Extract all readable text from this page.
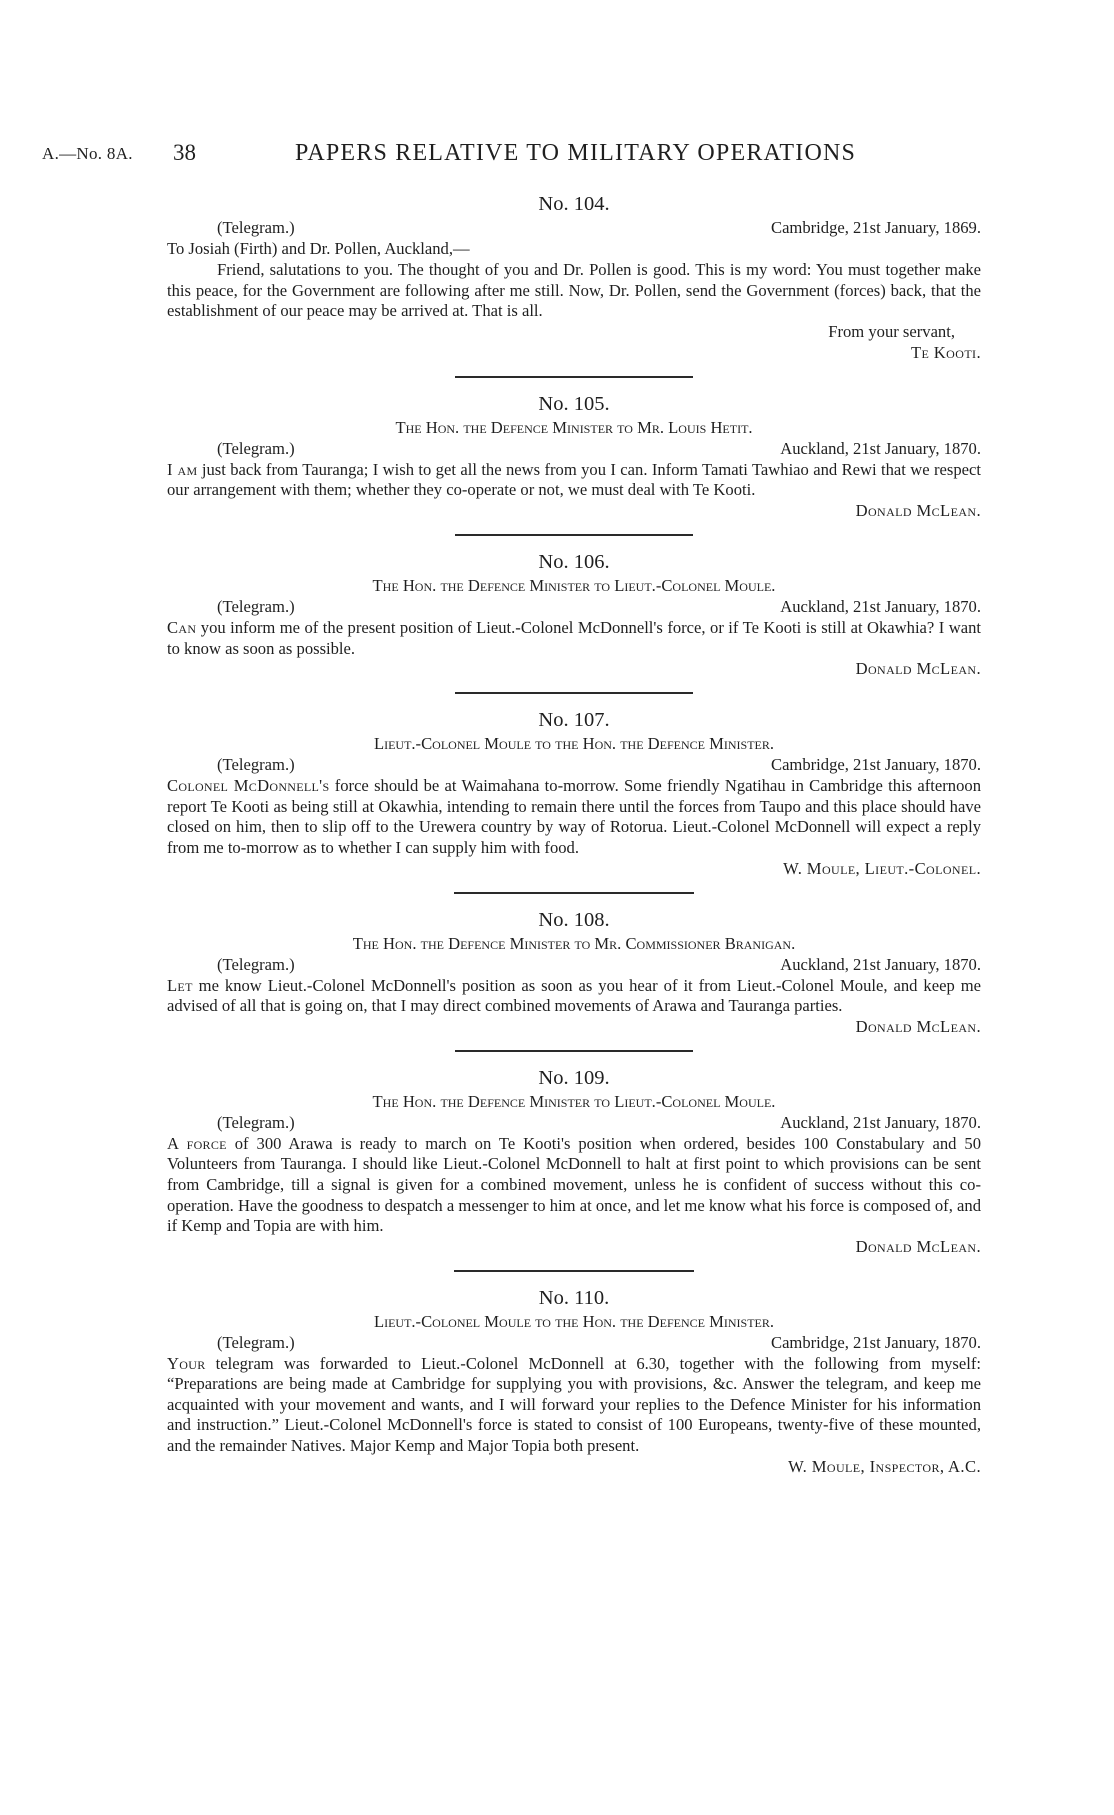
A.—No. 8A. 38	PAPERS RELATIVE TO MILITARY OPERATIONS
No. 104.
(Telegram.)	Cambridge, 21st January, 1869.
To Josiah (Firth) and Dr. Pollen, Auckland,—

Friend, salutations to you. The thought of you and Dr. Pollen is good. This is my word: You must together make this peace, for the Government are following after me still. Now, Dr. Pollen, send the Government (forces) back, that the establishment of our peace may be arrived at. That is all.

From your servant,
Te Kooti.
No. 105.
The Hon. the Defence Minister to Mr. Louis Hetit.
(Telegram.)	Auckland, 21st January, 1870.

I am just back from Tauranga; I wish to get all the news from you I can. Inform Tamati Tawhiao and Rewi that we respect our arrangement with them; whether they co-operate or not, we must deal with Te Kooti.

Donald McLean.
No. 106.
The Hon. the Defence Minister to Lieut.-Colonel Moule.
(Telegram.)	Auckland, 21st January, 1870.

Can you inform me of the present position of Lieut.-Colonel McDonnell's force, or if Te Kooti is still at Okawhia? I want to know as soon as possible.

Donald McLean.
No. 107.
Lieut.-Colonel Moule to the Hon. the Defence Minister.
(Telegram.)	Cambridge, 21st January, 1870.

Colonel McDonnell's force should be at Waimahana to-morrow. Some friendly Ngatihau in Cambridge this afternoon report Te Kooti as being still at Okawhia, intending to remain there until the forces from Taupo and this place should have closed on him, then to slip off to the Urewera country by way of Rotorua. Lieut.-Colonel McDonnell will expect a reply from me to-morrow as to whether I can supply him with food.

W. Moule, Lieut.-Colonel.
No. 108.
The Hon. the Defence Minister to Mr. Commissioner Branigan.
(Telegram.)	Auckland, 21st January, 1870.

Let me know Lieut.-Colonel McDonnell's position as soon as you hear of it from Lieut.-Colonel Moule, and keep me advised of all that is going on, that I may direct combined movements of Arawa and Tauranga parties.

Donald McLean.
No. 109.
The Hon. the Defence Minister to Lieut.-Colonel Moule.
(Telegram.)	Auckland, 21st January, 1870.

A force of 300 Arawa is ready to march on Te Kooti's position when ordered, besides 100 Constabulary and 50 Volunteers from Tauranga. I should like Lieut.-Colonel McDonnell to halt at first point to which provisions can be sent from Cambridge, till a signal is given for a combined movement, unless he is confident of success without this co-operation. Have the goodness to despatch a messenger to him at once, and let me know what his force is composed of, and if Kemp and Topia are with him.

Donald McLean.
No. 110.
Lieut.-Colonel Moule to the Hon. the Defence Minister.
(Telegram.)	Cambridge, 21st January, 1870.

Your telegram was forwarded to Lieut.-Colonel McDonnell at 6.30, together with the following from myself: “Preparations are being made at Cambridge for supplying you with provisions, &c. Answer the telegram, and keep me acquainted with your movement and wants, and I will forward your replies to the Defence Minister for his information and instruction.” Lieut.-Colonel McDonnell's force is stated to consist of 100 Europeans, twenty-five of these mounted, and the remainder Natives. Major Kemp and Major Topia both present.

W. Moule, Inspector, A.C.
